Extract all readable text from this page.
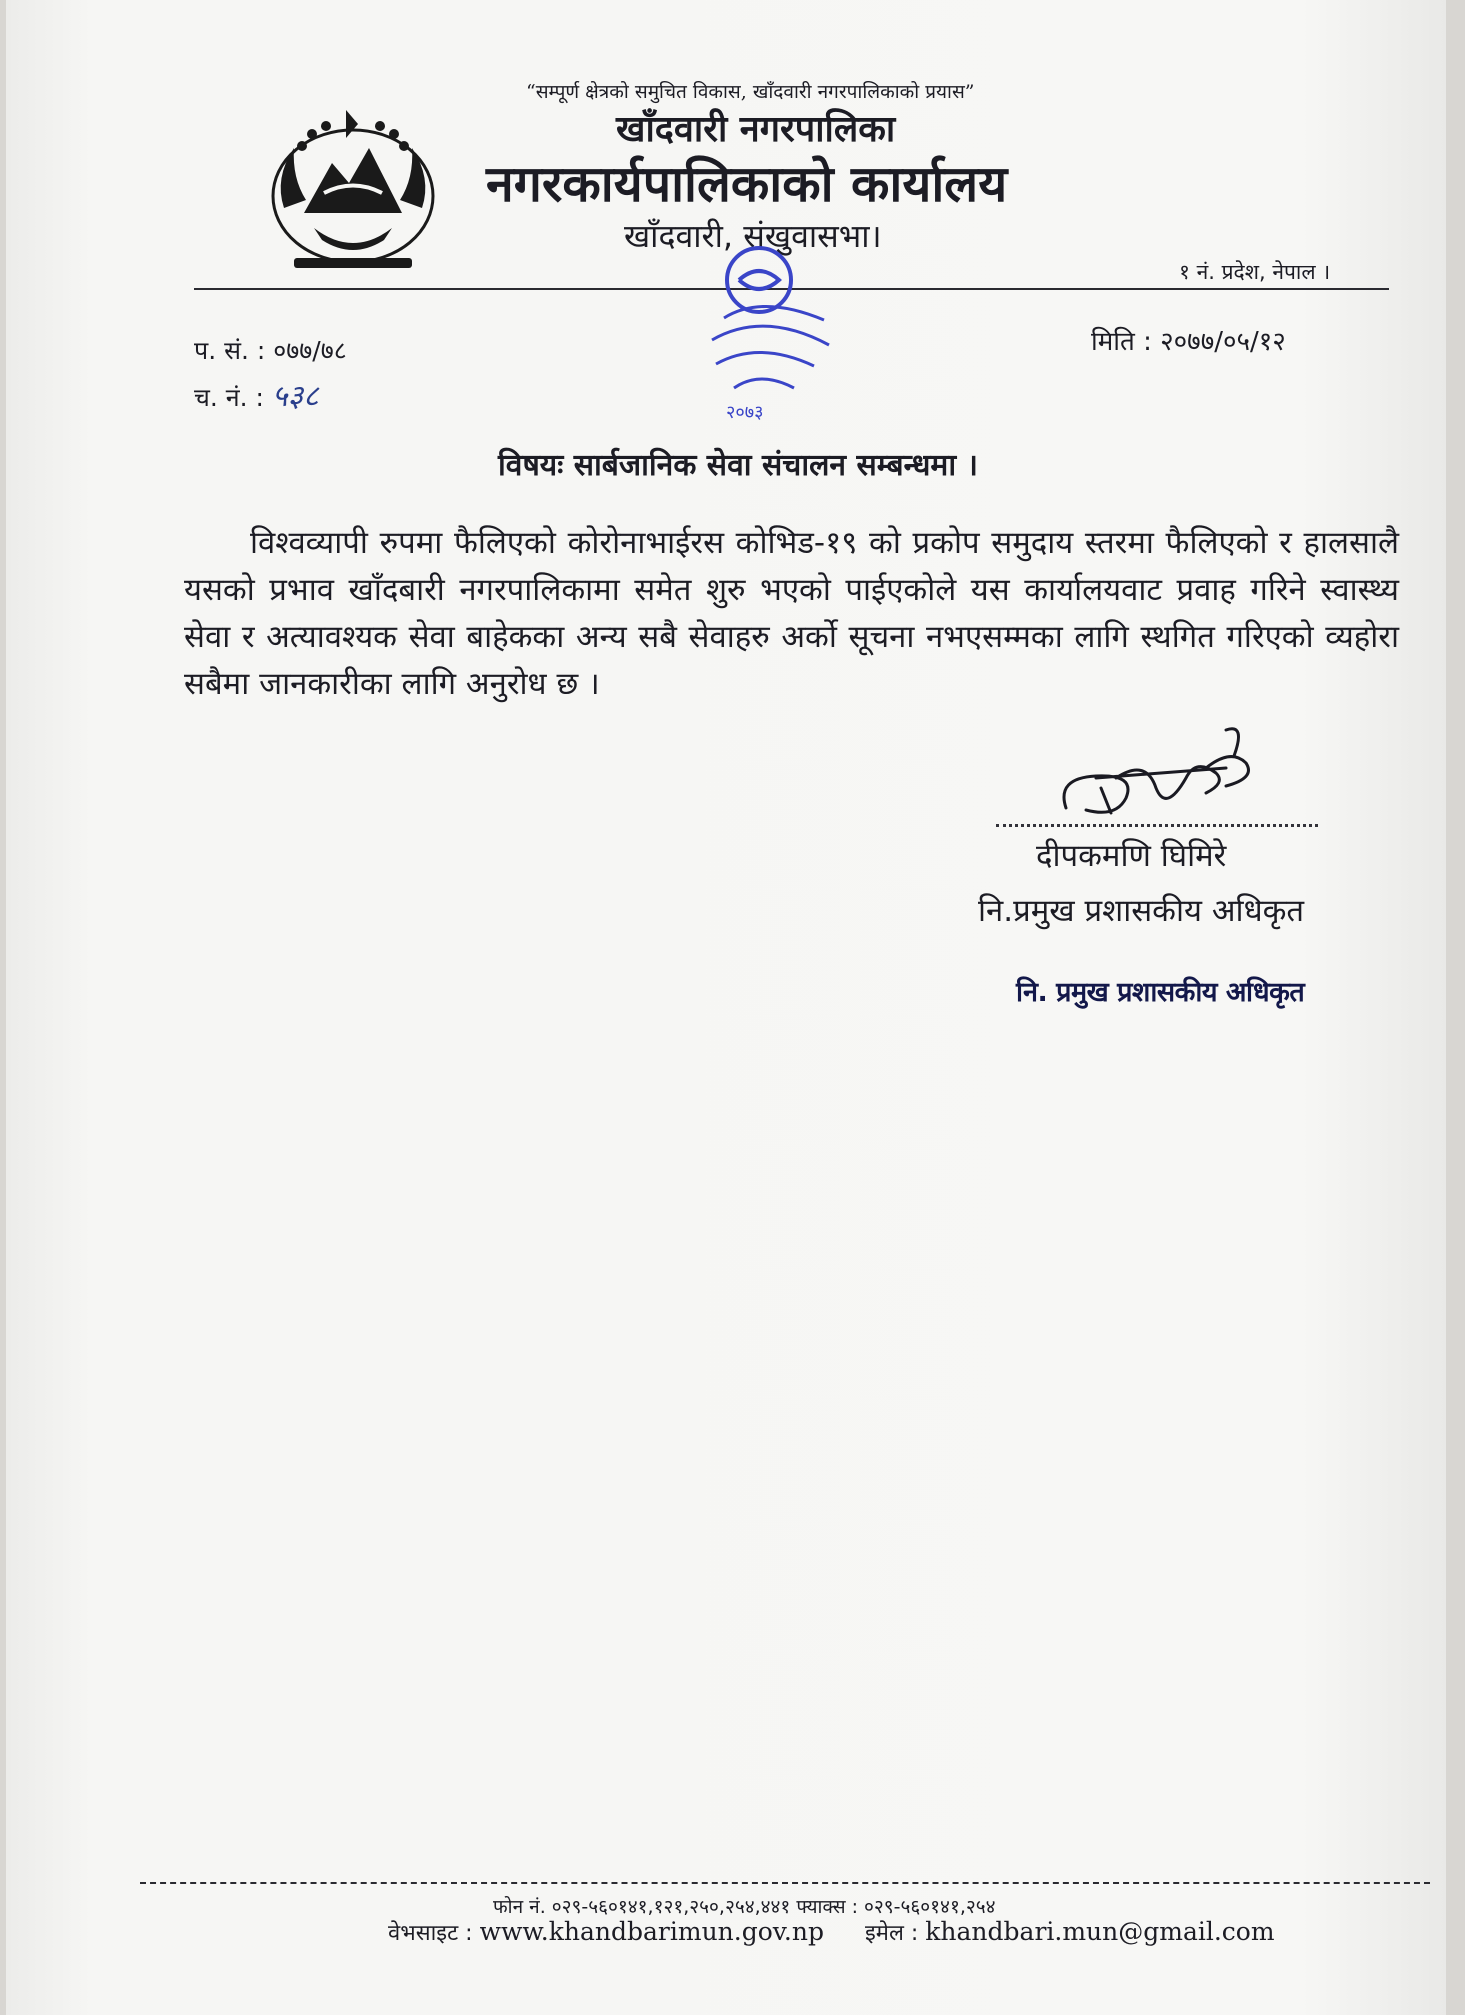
“सम्पूर्ण क्षेत्रको समुचित विकास, खाँदवारी नगरपालिकाको प्रयास”
खाँदवारी नगरपालिका
नगरकार्यपालिकाको कार्यालय
खाँदवारी, संखुवासभा।
१ नं. प्रदेश, नेपाल ।
२०७३
प. सं. : ०७७/७८
च. नं. : ५३८
मिति : २०७७/०५/१२
विषयः सार्बजानिक सेवा संचालन सम्बन्धमा ।
विश्वव्यापी रुपमा फैलिएको कोरोनाभाईरस कोभिड-१९ को प्रकोप समुदाय स्तरमा फैलिएको र हालसालै यसको प्रभाव खाँदबारी नगरपालिकामा समेत शुरु भएको पाईएकोले यस कार्यालयवाट प्रवाह गरिने स्वास्थ्य सेवा र अत्यावश्यक सेवा बाहेकका अन्य सबै सेवाहरु अर्को सूचना नभएसम्मका लागि स्थगित गरिएको व्यहोरा सबैमा जानकारीका लागि अनुरोध छ ।
दीपकमणि घिमिरे
नि.प्रमुख प्रशासकीय अधिकृत
नि. प्रमुख प्रशासकीय अधिकृत
फोन नं. ०२९-५६०१४१,१२१,२५०,२५४,४४१ फ्याक्स : ०२९-५६०१४१,२५४
वेभसाइट : www.khandbarimun.gov.np इमेल : khandbari.mun@gmail.com
